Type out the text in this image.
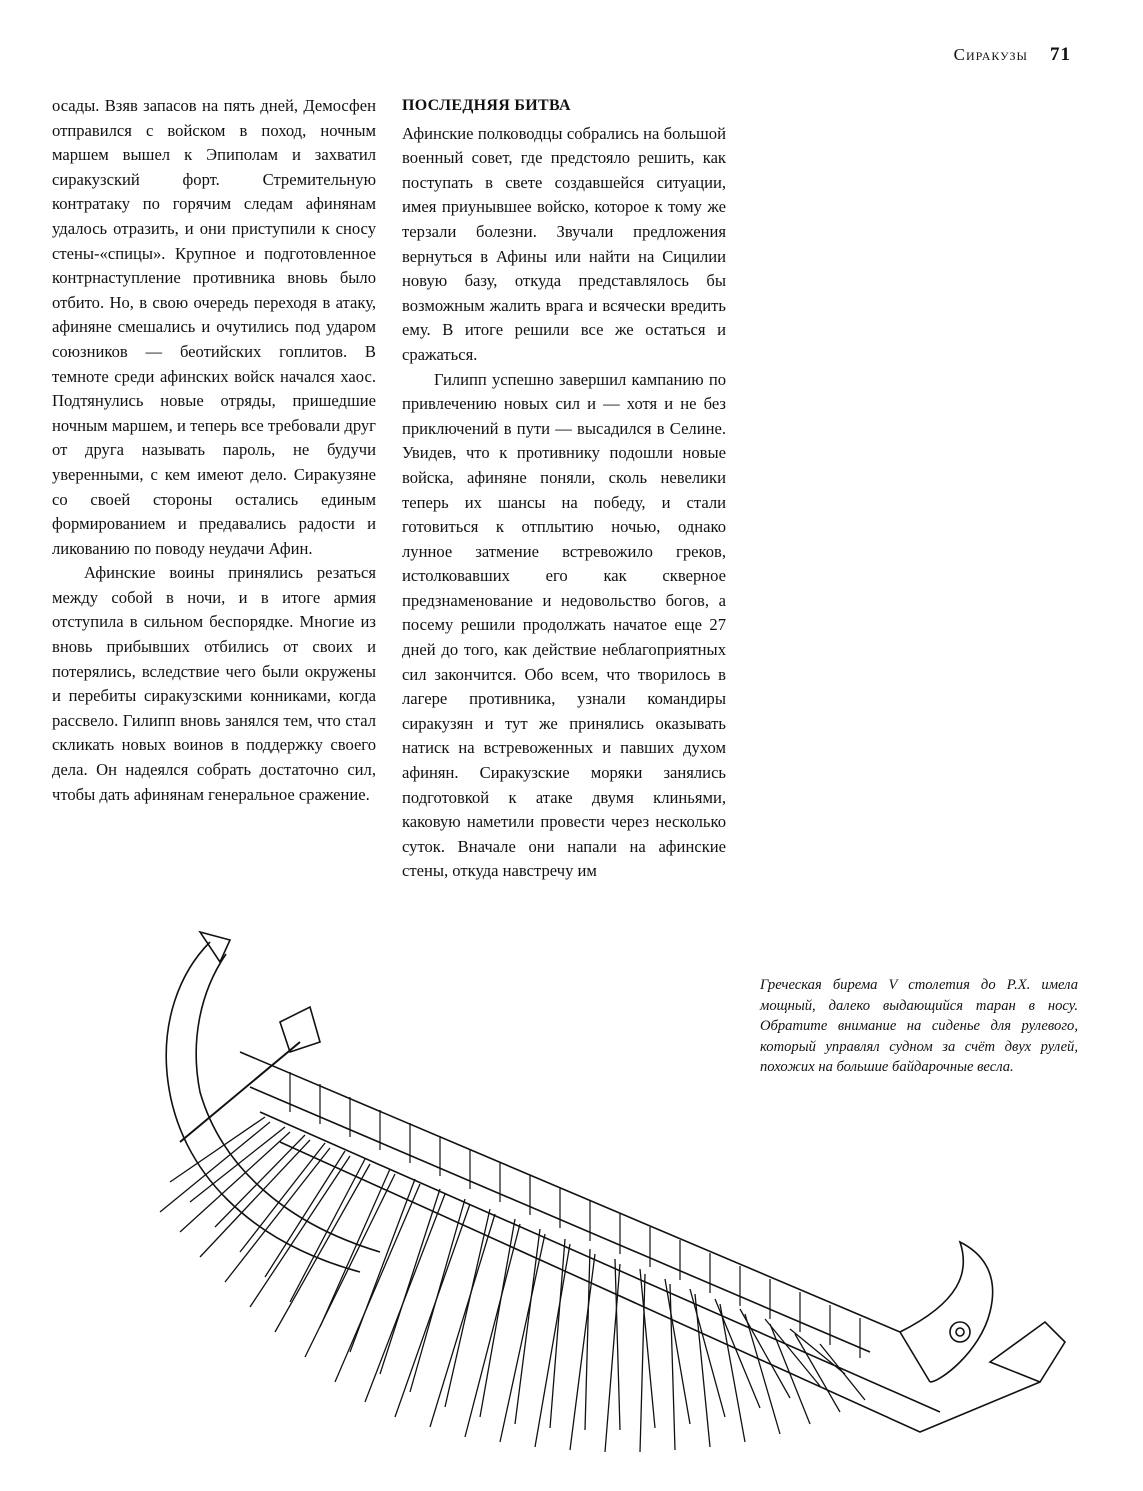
Сиракузы 71

осады. Взяв запасов на пять дней, Демосфен отправился с войском в поход, ночным маршем вышел к Эпиполам и захватил сиракузский форт. Стремительную контратаку по горячим следам афинянам удалось отразить, и они приступили к сносу стены-«спицы». Крупное и подготовленное контрнаступление противника вновь было отбито. Но, в свою очередь переходя в атаку, афиняне смешались и очутились под ударом союзников — беотийских гоплитов. В темноте среди афинских войск начался хаос. Подтянулись новые отряды, пришедшие ночным маршем, и теперь все требовали друг от друга называть пароль, не будучи уверенными, с кем имеют дело. Сиракузяне со своей стороны остались единым формированием и предавались радости и ликованию по поводу неудачи Афин.

Афинские воины принялись резаться между собой в ночи, и в итоге армия отступила в сильном беспорядке. Многие из вновь прибывших отбились от своих и потерялись, вследствие чего были окружены и перебиты сиракузскими конниками, когда рассвело. Гилипп вновь занялся тем, что стал скликать новых воинов в поддержку своего дела. Он надеялся собрать достаточно сил, чтобы дать афинянам генеральное сражение.

ПОСЛЕДНЯЯ БИТВА

Афинские полководцы собрались на большой военный совет, где предстояло решить, как поступать в свете создавшейся ситуации, имея приунывшее войско, которое к тому же терзали болезни. Звучали предложения вернуться в Афины или найти на Сицилии новую базу, откуда представлялось бы возможным жалить врага и всячески вредить ему. В итоге решили все же остаться и сражаться.

Гилипп успешно завершил кампанию по привлечению новых сил и — хотя и не без приключений в пути — высадился в Селине. Увидев, что к противнику подошли новые войска, афиняне поняли, сколь невелики теперь их шансы на победу, и стали готовиться к отплытию ночью, однако лунное затмение встревожило греков, истолковавших его как скверное предзнаменование и недовольство богов, а посему решили продолжать начатое еще 27 дней до того, как действие неблагоприятных сил закончится. Обо всем, что творилось в лагере противника, узнали командиры сиракузян и тут же принялись оказывать натиск на встревоженных и павших духом афинян. Сиракузские моряки занялись подготовкой к атаке двумя клиньями, каковую наметили провести через несколько суток. Вначале они напали на афинские стены, откуда навстречу им

Греческая бирема V столетия до Р.Х. имела мощный, далеко выдающийся таран в носу. Обратите внимание на сиденье для рулевого, который управлял судном за счёт двух рулей, похожих на большие байдарочные весла.
